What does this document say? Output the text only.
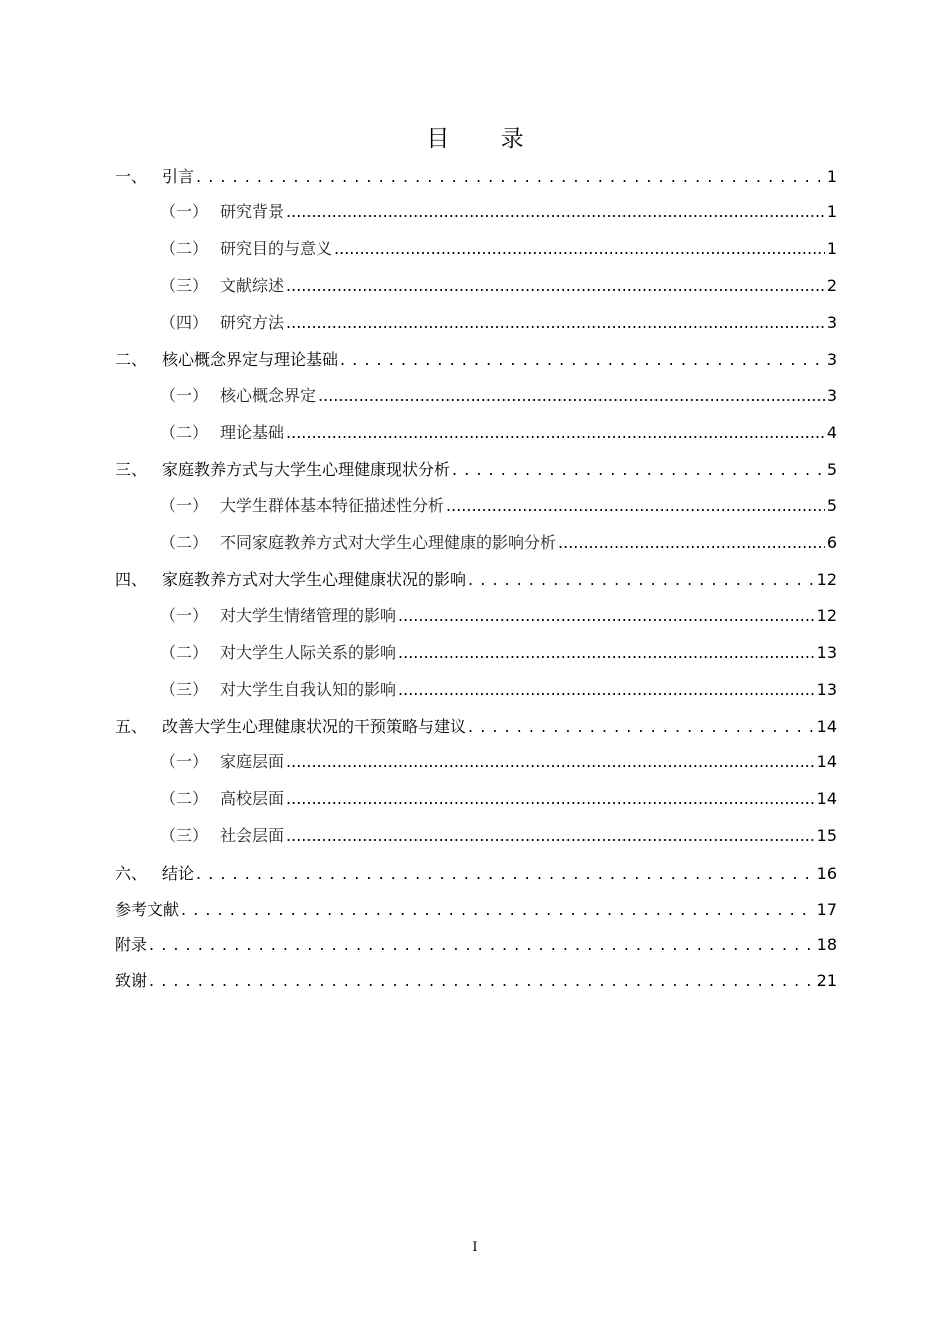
目 录
一、 引言 . . .	1
（一） 研究背景 .....	1
（二） 研究目的与意义 .....	1
（三） 文献综述 .....	2
（四） 研究方法 .....	3
二、 核心概念界定与理论基础 . . .	3
（一） 核心概念界定 .....	3
（二） 理论基础 .....	4
三、 家庭教养方式与大学生心理健康现状分析 . . .	5
（一） 大学生群体基本特征描述性分析 .....	5
（二） 不同家庭教养方式对大学生心理健康的影响分析 .....	6
四、 家庭教养方式对大学生心理健康状况的影响 . . .	12
（一） 对大学生情绪管理的影响 .....	12
（二） 对大学生人际关系的影响 .....	13
（三） 对大学生自我认知的影响 .....	13
五、 改善大学生心理健康状况的干预策略与建议 . . .	14
（一） 家庭层面 .....	14
（二） 高校层面 .....	14
（三） 社会层面 .....	15
六、 结论 . . .	16
参考文献 . . .	17
附录 . . .	18
致谢 . . .	21
I
